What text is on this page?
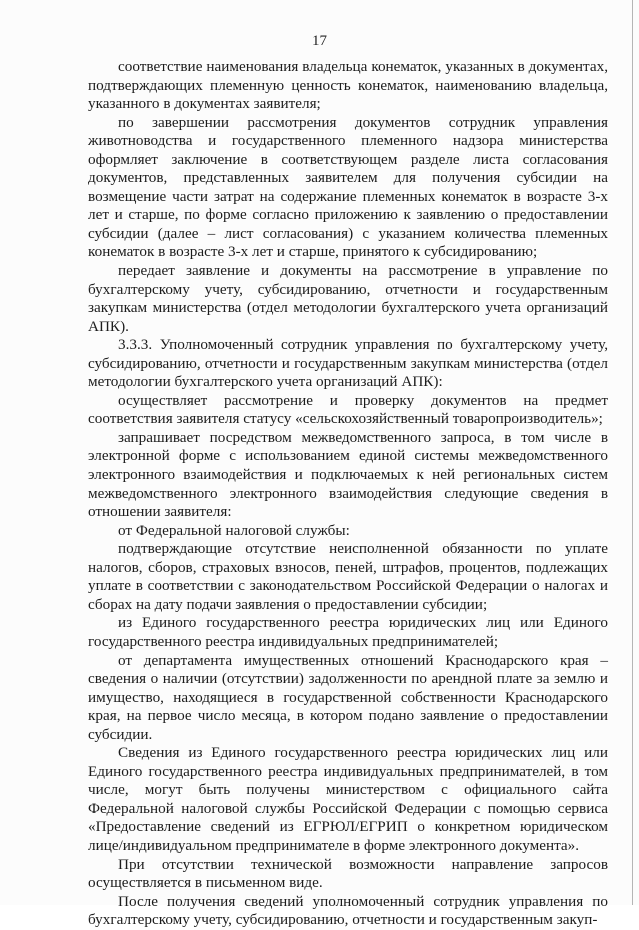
17

соответствие наименования владельца конематок, указанных в документах, подтверждающих племенную ценность конематок, наименованию владельца, указанного в документах заявителя;

по завершении рассмотрения документов сотрудник управления животноводства и государственного племенного надзора министерства оформляет заключение в соответствующем разделе листа согласования документов, представленных заявителем для получения субсидии на возмещение части затрат на содержание племенных конематок в возрасте 3-х лет и старше, по форме согласно приложению к заявлению о предоставлении субсидии (далее – лист согласования) с указанием количества племенных конематок в возрасте 3-х лет и старше, принятого к субсидированию;

передает заявление и документы на рассмотрение в управление по бухгалтерскому учету, субсидированию, отчетности и государственным закупкам министерства (отдел методологии бухгалтерского учета организаций АПК).

3.3.3. Уполномоченный сотрудник управления по бухгалтерскому учету, субсидированию, отчетности и государственным закупкам министерства (отдел методологии бухгалтерского учета организаций АПК):

осуществляет рассмотрение и проверку документов на предмет соответствия заявителя статусу «сельскохозяйственный товаропроизводитель»;

запрашивает посредством межведомственного запроса, в том числе в электронной форме с использованием единой системы межведомственного электронного взаимодействия и подключаемых к ней региональных систем межведомственного электронного взаимодействия следующие сведения в отношении заявителя:

от Федеральной налоговой службы:

подтверждающие отсутствие неисполненной обязанности по уплате налогов, сборов, страховых взносов, пеней, штрафов, процентов, подлежащих уплате в соответствии с законодательством Российской Федерации о налогах и сборах на дату подачи заявления о предоставлении субсидии;

из Единого государственного реестра юридических лиц или Единого государственного реестра индивидуальных предпринимателей;

от департамента имущественных отношений Краснодарского края – сведения о наличии (отсутствии) задолженности по арендной плате за землю и имущество, находящиеся в государственной собственности Краснодарского края, на первое число месяца, в котором подано заявление о предоставлении субсидии.

Сведения из Единого государственного реестра юридических лиц или Единого государственного реестра индивидуальных предпринимателей, в том числе, могут быть получены министерством с официального сайта Федеральной налоговой службы Российской Федерации с помощью сервиса «Предоставление сведений из ЕГРЮЛ/ЕГРИП о конкретном юридическом лице/индивидуальном предпринимателе в форме электронного документа».

При отсутствии технической возможности направление запросов осуществляется в письменном виде.

После получения сведений уполномоченный сотрудник управления по бухгалтерскому учету, субсидированию, отчетности и государственным закуп-
